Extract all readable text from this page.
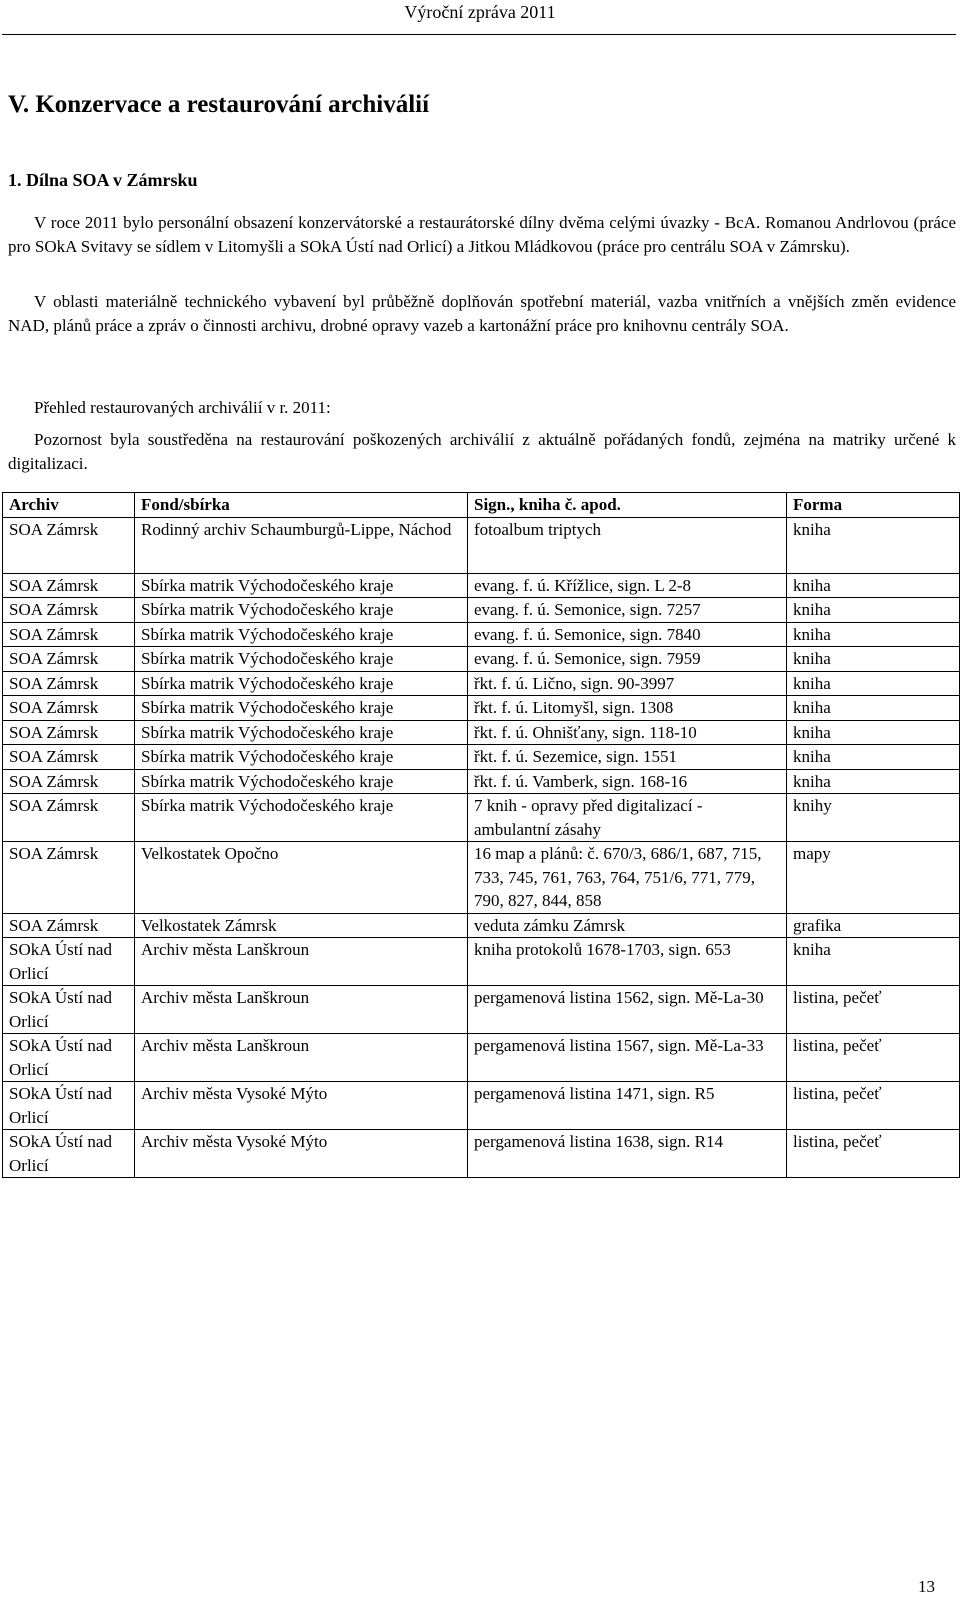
Výroční zpráva 2011
V. Konzervace a restaurování archiválií
1. Dílna SOA v Zámrsku

V roce 2011 bylo personální obsazení konzervátorské a restaurátorské dílny dvěma celými úvazky - BcA. Romanou Andrlovou (práce pro SOkA Svitavy se sídlem v Litomyšli a SOkA Ústí nad Orlicí) a Jitkou Mládkovou (práce pro centrálu SOA v Zámrsku).

V oblasti materiálně technického vybavení byl průběžně doplňován spotřební materiál, vazba vnitřních a vnějších změn evidence NAD, plánů práce a zpráv o činnosti archivu, drobné opravy vazeb a kartonážní práce pro knihovnu centrály SOA.

Přehled restaurovaných archiválií v r. 2011:

Pozornost byla soustředěna na restaurování poškozených archiválií z aktuálně pořádaných fondů, zejména na matriky určené k digitalizaci.

Archiv	Fond/sbírka	Sign., kniha č. apod.	Forma
SOA Zámrsk	Rodinný archiv Schaumburgů-Lippe, Náchod	fotoalbum triptych	kniha
SOA Zámrsk	Sbírka matrik Východočeského kraje	evang. f. ú. Křížlice, sign. L 2-8	kniha
SOA Zámrsk	Sbírka matrik Východočeského kraje	evang. f. ú. Semonice, sign. 7257	kniha
SOA Zámrsk	Sbírka matrik Východočeského kraje	evang. f. ú. Semonice, sign. 7840	kniha
SOA Zámrsk	Sbírka matrik Východočeského kraje	evang. f. ú. Semonice, sign. 7959	kniha
SOA Zámrsk	Sbírka matrik Východočeského kraje	řkt. f. ú. Lično, sign. 90-3997	kniha
SOA Zámrsk	Sbírka matrik Východočeského kraje	řkt. f. ú. Litomyšl, sign. 1308	kniha
SOA Zámrsk	Sbírka matrik Východočeského kraje	řkt. f. ú. Ohnišťany, sign. 118-10	kniha
SOA Zámrsk	Sbírka matrik Východočeského kraje	řkt. f. ú. Sezemice, sign. 1551	kniha
SOA Zámrsk	Sbírka matrik Východočeského kraje	řkt. f. ú. Vamberk, sign. 168-16	kniha
SOA Zámrsk	Sbírka matrik Východočeského kraje	7 knih - opravy před digitalizací - ambulantní zásahy	knihy
SOA Zámrsk	Velkostatek Opočno	16 map a plánů: č. 670/3, 686/1, 687, 715, 733, 745, 761, 763, 764, 751/6, 771, 779, 790, 827, 844, 858	mapy
SOA Zámrsk	Velkostatek Zámrsk	veduta zámku Zámrsk	grafika
SOkA Ústí nad Orlicí	Archiv města Lanškroun	kniha protokolů 1678-1703, sign. 653	kniha
SOkA Ústí nad Orlicí	Archiv města Lanškroun	pergamenová listina 1562, sign. Mě-La-30	listina, pečeť
SOkA Ústí nad Orlicí	Archiv města Lanškroun	pergamenová listina 1567, sign. Mě-La-33	listina, pečeť
SOkA Ústí nad Orlicí	Archiv města Vysoké Mýto	pergamenová listina 1471, sign. R5	listina, pečeť
SOkA Ústí nad Orlicí	Archiv města Vysoké Mýto	pergamenová listina 1638, sign. R14	listina, pečeť
13
